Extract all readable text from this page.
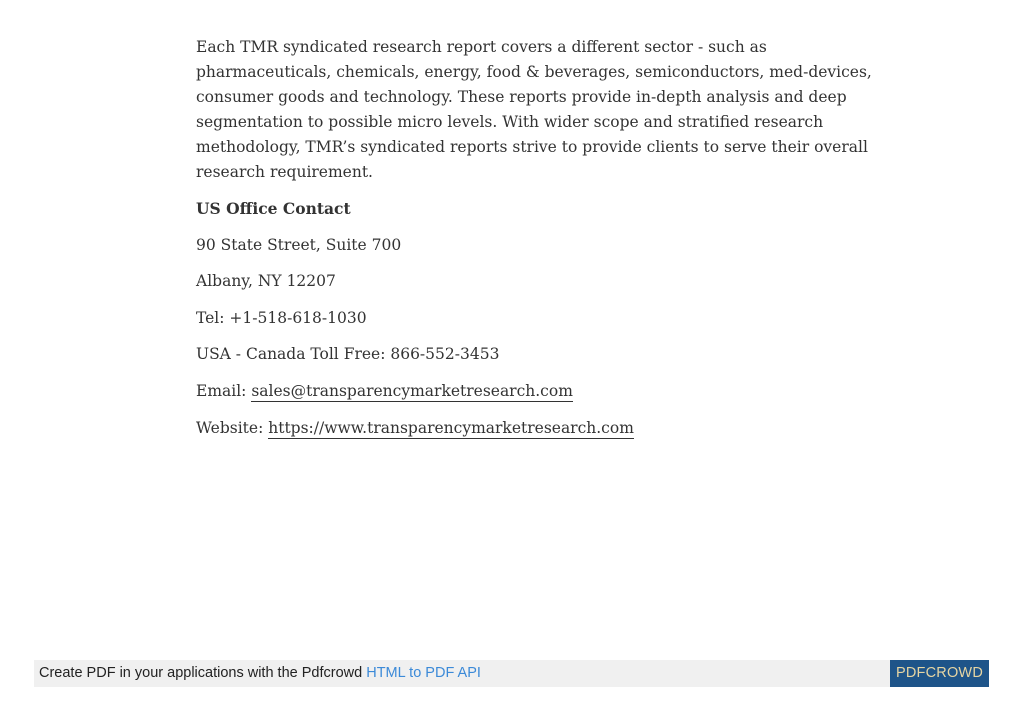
Each TMR syndicated research report covers a different sector - such as
pharmaceuticals, chemicals, energy, food & beverages, semiconductors, med-devices,
consumer goods and technology. These reports provide in-depth analysis and deep
segmentation to possible micro levels. With wider scope and stratified research
methodology, TMR’s syndicated reports strive to provide clients to serve their overall
research requirement.
US Office Contact
90 State Street, Suite 700
Albany, NY 12207
Tel: +1-518-618-1030
USA - Canada Toll Free: 866-552-3453
Email: sales@transparencymarketresearch.com
Website: https://www.transparencymarketresearch.com
Create PDF in your applications with the Pdfcrowd HTML to PDF API	PDFCROWD
